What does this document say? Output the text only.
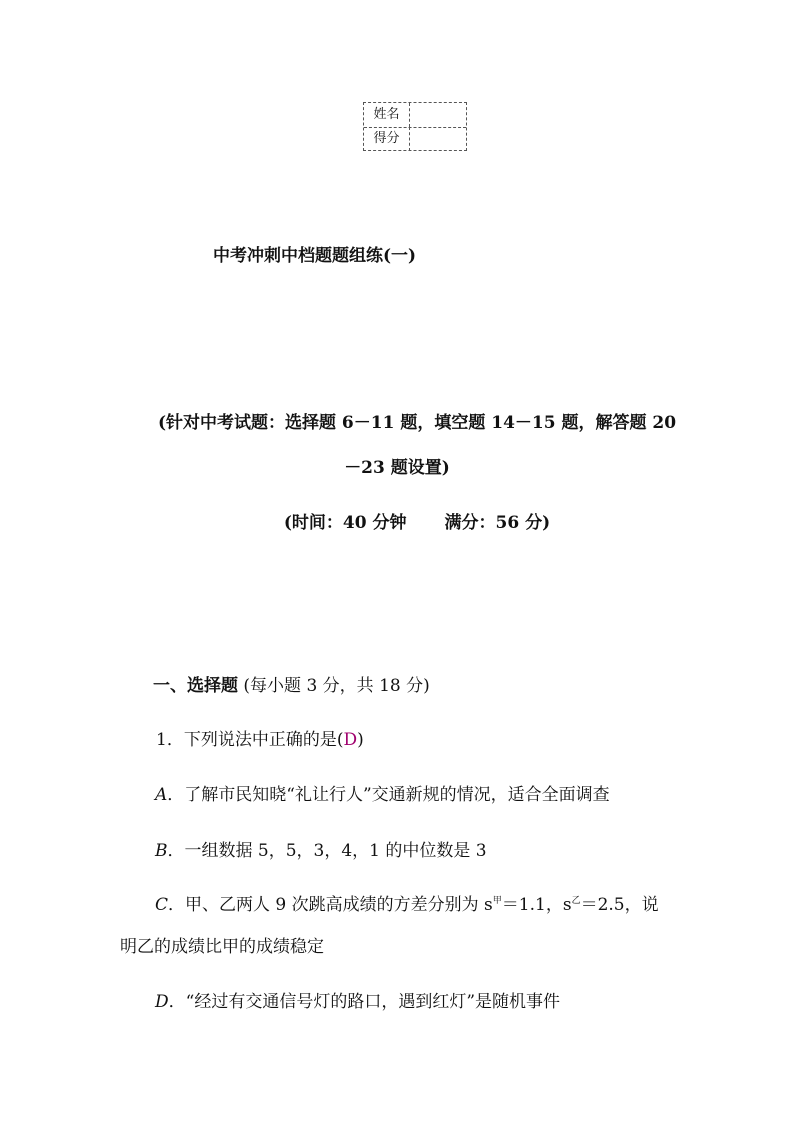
姓名
得分
中考冲刺中档题题组练(一)
(针对中考试题：选择题 6－11 题，填空题 14－15 题，解答题 20
－23 题设置)
(时间：40 分钟 满分：56 分)
一、选择题 (每小题 3 分，共 18 分)
1．下列说法中正确的是(D)
A．了解市民知晓“礼让行人”交通新规的情况，适合全面调查
B．一组数据 5，5，3，4，1 的中位数是 3
C．甲、乙两人 9 次跳高成绩的方差分别为 $s^甲=1.1$，$s^乙=2.5$，说
明乙的成绩比甲的成绩稳定
D．“经过有交通信号灯的路口，遇到红灯”是随机事件
